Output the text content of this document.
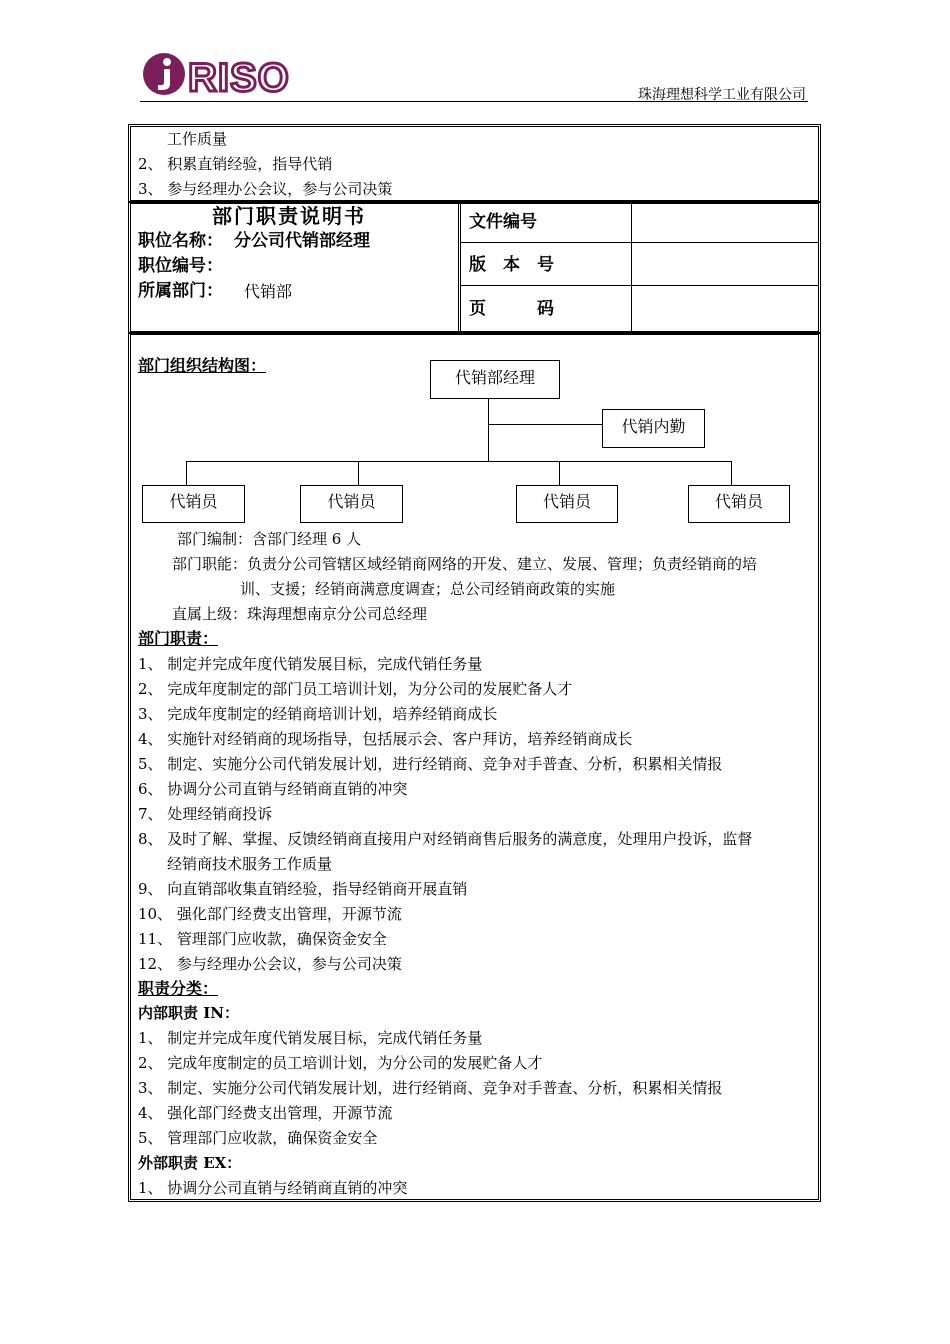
RISO	珠海理想科学工业有限公司
工作质量
2、 积累直销经验，指导代销
3、 参与经理办公会议，参与公司决策
部门职责说明书
职位名称： 分公司代销部经理
职位编号：
所属部门： 代销部
文件编号
版　本　号
页　　　码
部门组织结构图：
代销部经理
代销内勤
代销员	代销员	代销员	代销员
部门编制：含部门经理 6 人
部门职能：负责分公司管辖区域经销商网络的开发、建立、发展、管理；负责经销商的培
训、支援；经销商满意度调查；总公司经销商政策的实施
直属上级：珠海理想南京分公司总经理
部门职责：
1、 制定并完成年度代销发展目标，完成代销任务量
2、 完成年度制定的部门员工培训计划，为分公司的发展贮备人才
3、 完成年度制定的经销商培训计划，培养经销商成长
4、 实施针对经销商的现场指导，包括展示会、客户拜访，培养经销商成长
5、 制定、实施分公司代销发展计划，进行经销商、竞争对手普查、分析，积累相关情报
6、 协调分公司直销与经销商直销的冲突
7、 处理经销商投诉
8、 及时了解、掌握、反馈经销商直接用户对经销商售后服务的满意度，处理用户投诉，监督
经销商技术服务工作质量
9、 向直销部收集直销经验，指导经销商开展直销
10、 强化部门经费支出管理，开源节流
11、 管理部门应收款，确保资金安全
12、 参与经理办公会议，参与公司决策
职责分类：
内部职责 IN：
1、 制定并完成年度代销发展目标，完成代销任务量
2、 完成年度制定的员工培训计划，为分公司的发展贮备人才
3、 制定、实施分公司代销发展计划，进行经销商、竞争对手普查、分析，积累相关情报
4、 强化部门经费支出管理，开源节流
5、 管理部门应收款，确保资金安全
外部职责 EX：
1、 协调分公司直销与经销商直销的冲突
